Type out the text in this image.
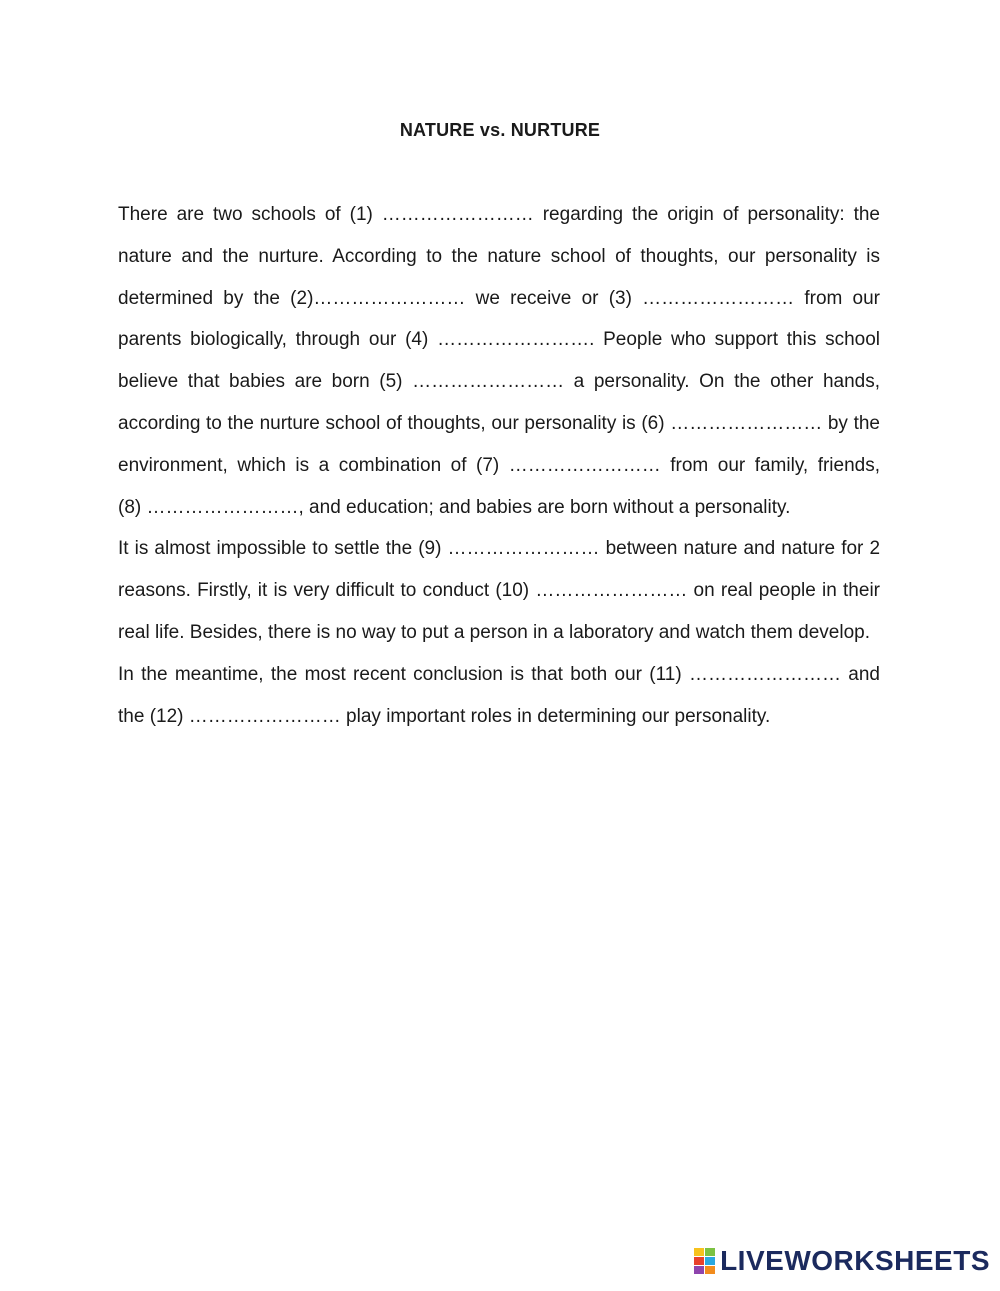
NATURE vs. NURTURE

There are two schools of (1) …………………… regarding the origin of personality: the nature and the nurture. According to the nature school of thoughts, our personality is determined by the (2)…………………… we receive or (3) …………………… from our parents biologically, through our (4) ……………………. People who support this school believe that babies are born (5) …………………… a personality. On the other hands, according to the nurture school of thoughts, our personality is (6) …………………… by the environment, which is a combination of (7) …………………… from our family, friends, (8) ……………………, and education; and babies are born without a personality.

It is almost impossible to settle the (9) …………………… between nature and nature for 2 reasons. Firstly, it is very difficult to conduct (10) …………………… on real people in their real life. Besides, there is no way to put a person in a laboratory and watch them develop.

In the meantime, the most recent conclusion is that both our (11) …………………… and the (12) …………………… play important roles in determining our personality.

LIVEWORKSHEETS
